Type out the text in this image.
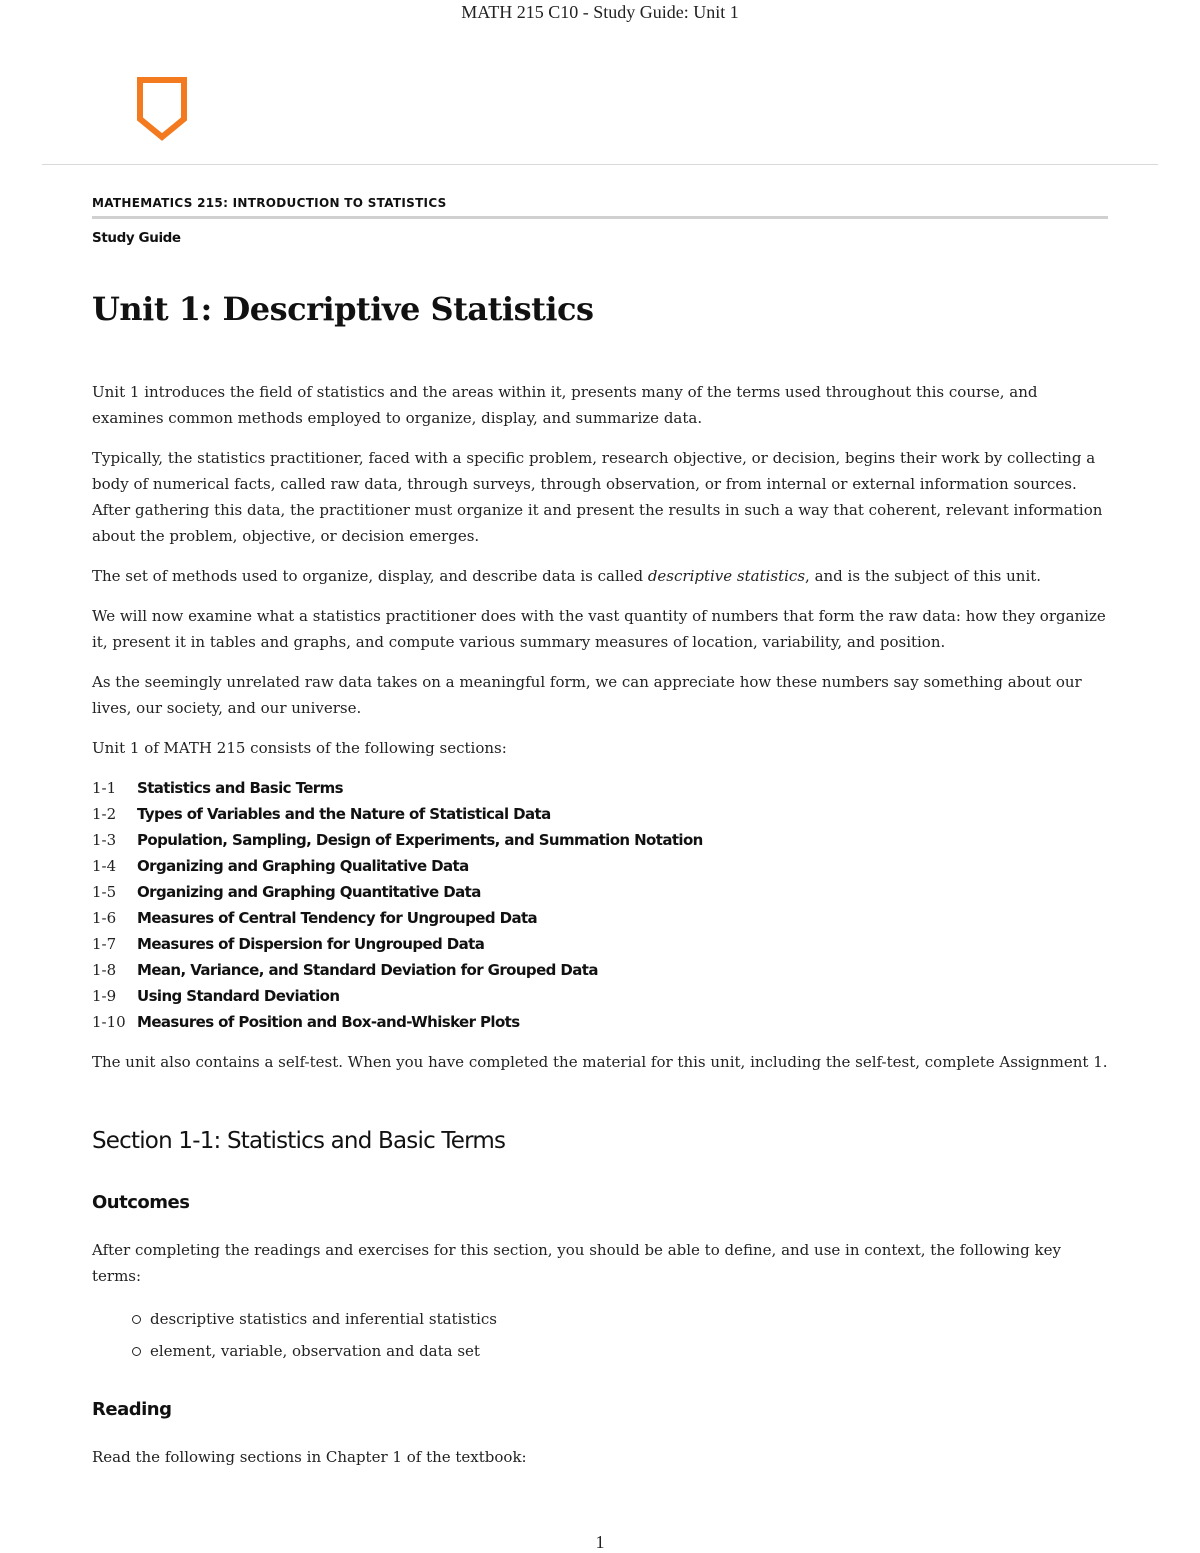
MATH 215 C10 - Study Guide: Unit 1
MATHEMATICS 215: INTRODUCTION TO STATISTICS
Study Guide
Unit 1: Descriptive Statistics

Unit 1 introduces the field of statistics and the areas within it, presents many of the terms used throughout this course, and examines common methods employed to organize, display, and summarize data.

Typically, the statistics practitioner, faced with a specific problem, research objective, or decision, begins their work by collecting a body of numerical facts, called raw data, through surveys, through observation, or from internal or external information sources. After gathering this data, the practitioner must organize it and present the results in such a way that coherent, relevant information about the problem, objective, or decision emerges.

The set of methods used to organize, display, and describe data is called descriptive statistics, and is the subject of this unit.

We will now examine what a statistics practitioner does with the vast quantity of numbers that form the raw data: how they organize it, present it in tables and graphs, and compute various summary measures of location, variability, and position.

As the seemingly unrelated raw data takes on a meaningful form, we can appreciate how these numbers say something about our lives, our society, and our universe.

Unit 1 of MATH 215 consists of the following sections:

1-1	Statistics and Basic Terms
1-2	Types of Variables and the Nature of Statistical Data
1-3	Population, Sampling, Design of Experiments, and Summation Notation
1-4	Organizing and Graphing Qualitative Data
1-5	Organizing and Graphing Quantitative Data
1-6	Measures of Central Tendency for Ungrouped Data
1-7	Measures of Dispersion for Ungrouped Data
1-8	Mean, Variance, and Standard Deviation for Grouped Data
1-9	Using Standard Deviation
1-10 Measures of Position and Box-and-Whisker Plots

The unit also contains a self-test. When you have completed the material for this unit, including the self-test, complete Assignment 1.

Section 1-1: Statistics and Basic Terms
Outcomes

After completing the readings and exercises for this section, you should be able to define, and use in context, the following key terms:

descriptive statistics and inferential statistics
element, variable, observation and data set
Reading

Read the following sections in Chapter 1 of the textbook:

1
